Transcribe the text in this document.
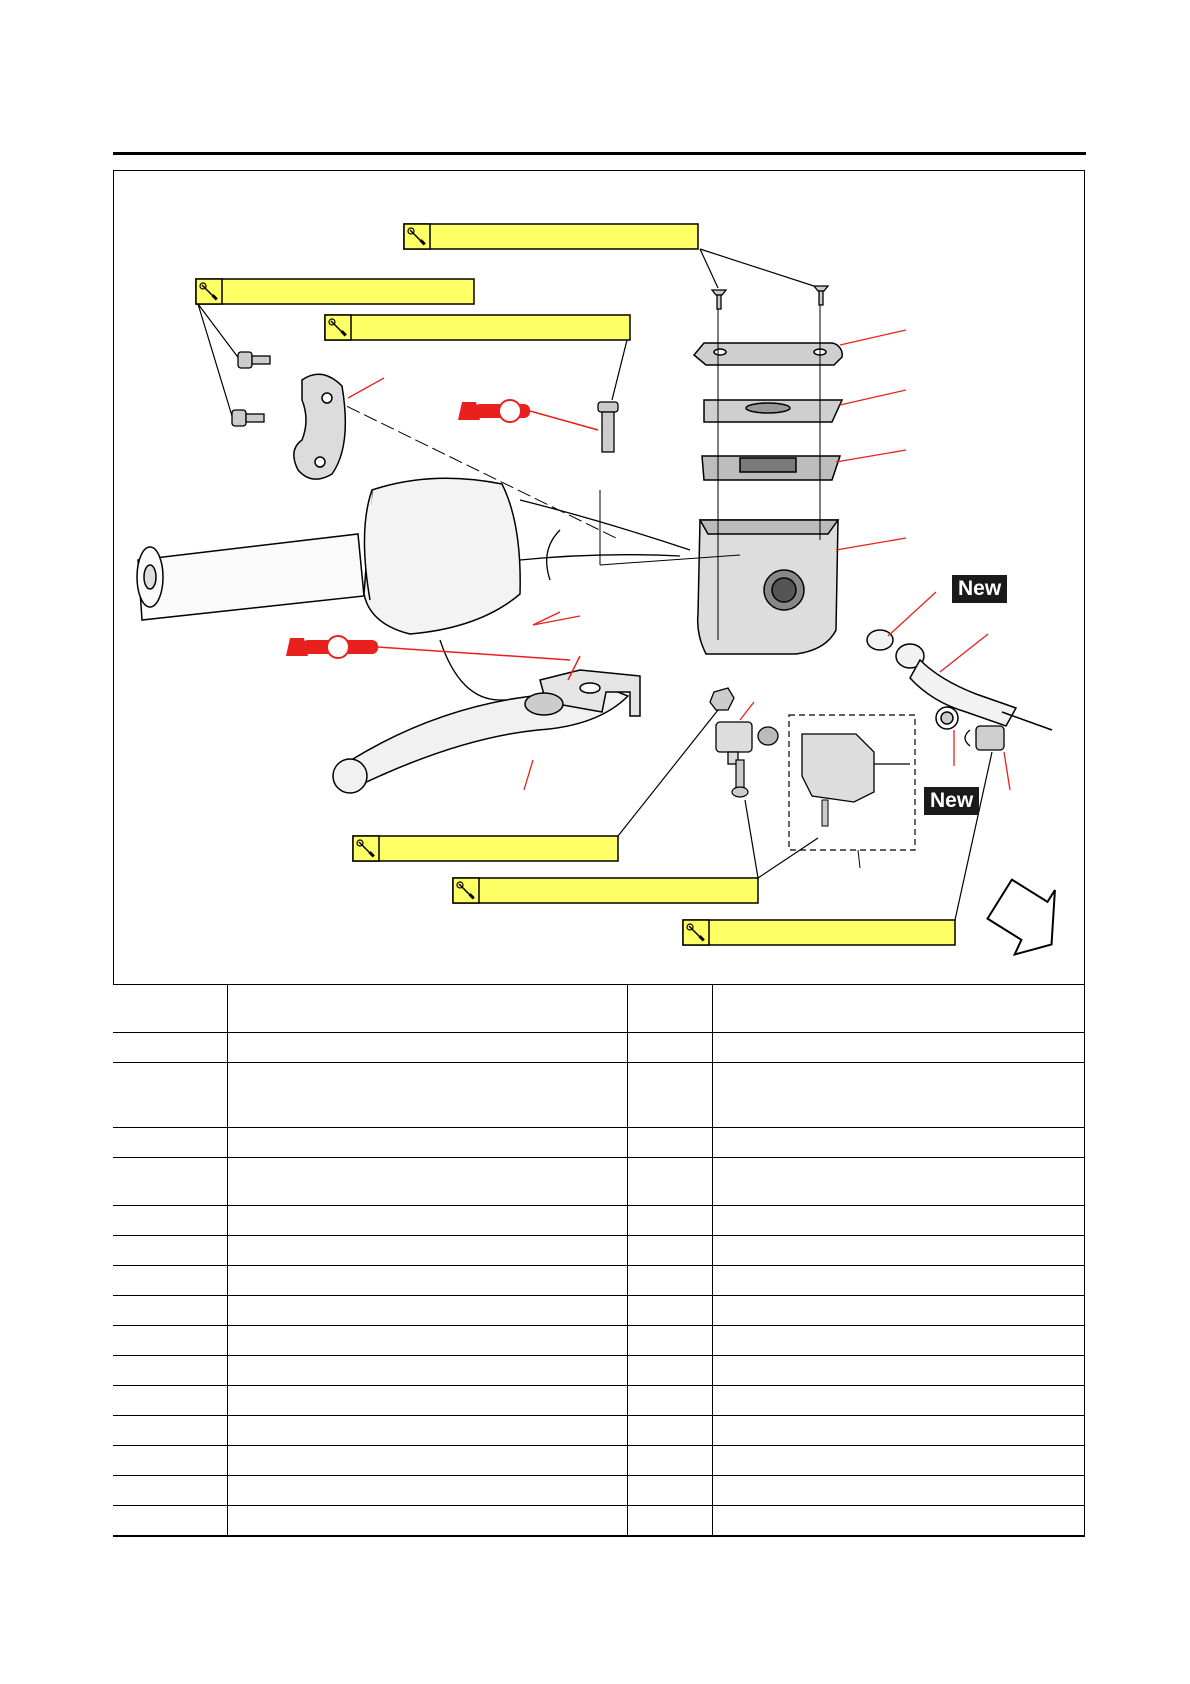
New
New
